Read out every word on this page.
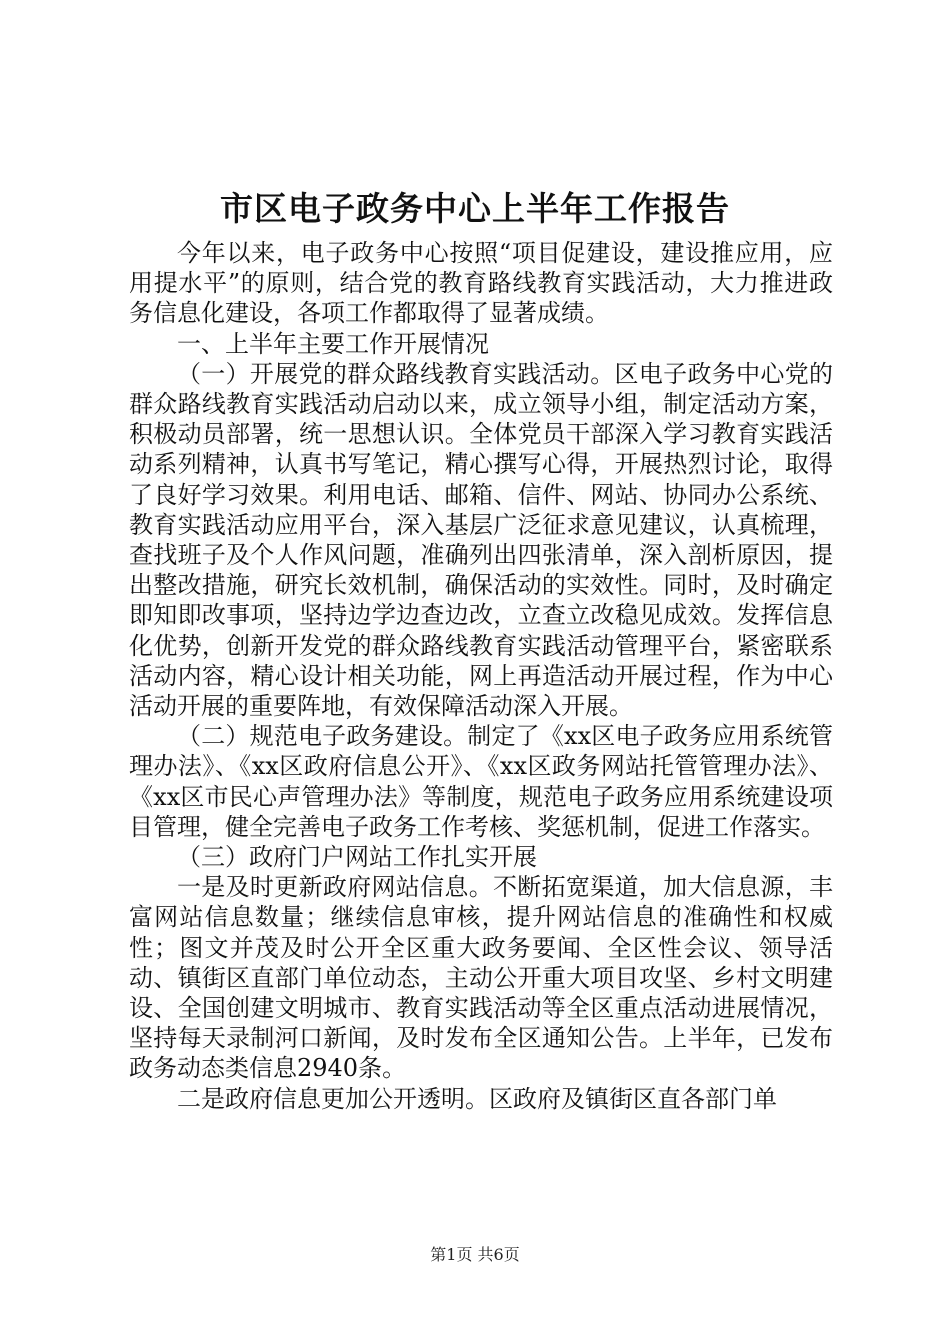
市区电子政务中心上半年工作报告

今年以来，电子政务中心按照“项目促建设，建设推应用，应用提水平”的原则，结合党的教育路线教育实践活动，大力推进政务信息化建设，各项工作都取得了显著成绩。

一、上半年主要工作开展情况

（一）开展党的群众路线教育实践活动。区电子政务中心党的群众路线教育实践活动启动以来，成立领导小组，制定活动方案，积极动员部署，统一思想认识。全体党员干部深入学习教育实践活动系列精神，认真书写笔记，精心撰写心得，开展热烈讨论，取得了良好学习效果。利用电话、邮箱、信件、网站、协同办公系统、教育实践活动应用平台，深入基层广泛征求意见建议，认真梳理，查找班子及个人作风问题，准确列出四张清单，深入剖析原因，提出整改措施，研究长效机制，确保活动的实效性。同时，及时确定即知即改事项，坚持边学边查边改，立查立改稳见成效。发挥信息化优势，创新开发党的群众路线教育实践活动管理平台，紧密联系活动内容，精心设计相关功能，网上再造活动开展过程，作为中心活动开展的重要阵地，有效保障活动深入开展。

（二）规范电子政务建设。制定了《xx区电子政务应用系统管理办法》、《xx区政府信息公开》、《xx区政务网站托管管理办法》、《xx区市民心声管理办法》等制度，规范电子政务应用系统建设项目管理，健全完善电子政务工作考核、奖惩机制，促进工作落实。

（三）政府门户网站工作扎实开展

一是及时更新政府网站信息。不断拓宽渠道，加大信息源，丰富网站信息数量；继续信息审核，提升网站信息的准确性和权威性；图文并茂及时公开全区重大政务要闻、全区性会议、领导活动、镇街区直部门单位动态，主动公开重大项目攻坚、乡村文明建设、全国创建文明城市、教育实践活动等全区重点活动进展情况，坚持每天录制河口新闻，及时发布全区通知公告。上半年，已发布政务动态类信息2940条。

二是政府信息更加公开透明。区政府及镇街区直各部门单

第1页 共6页
